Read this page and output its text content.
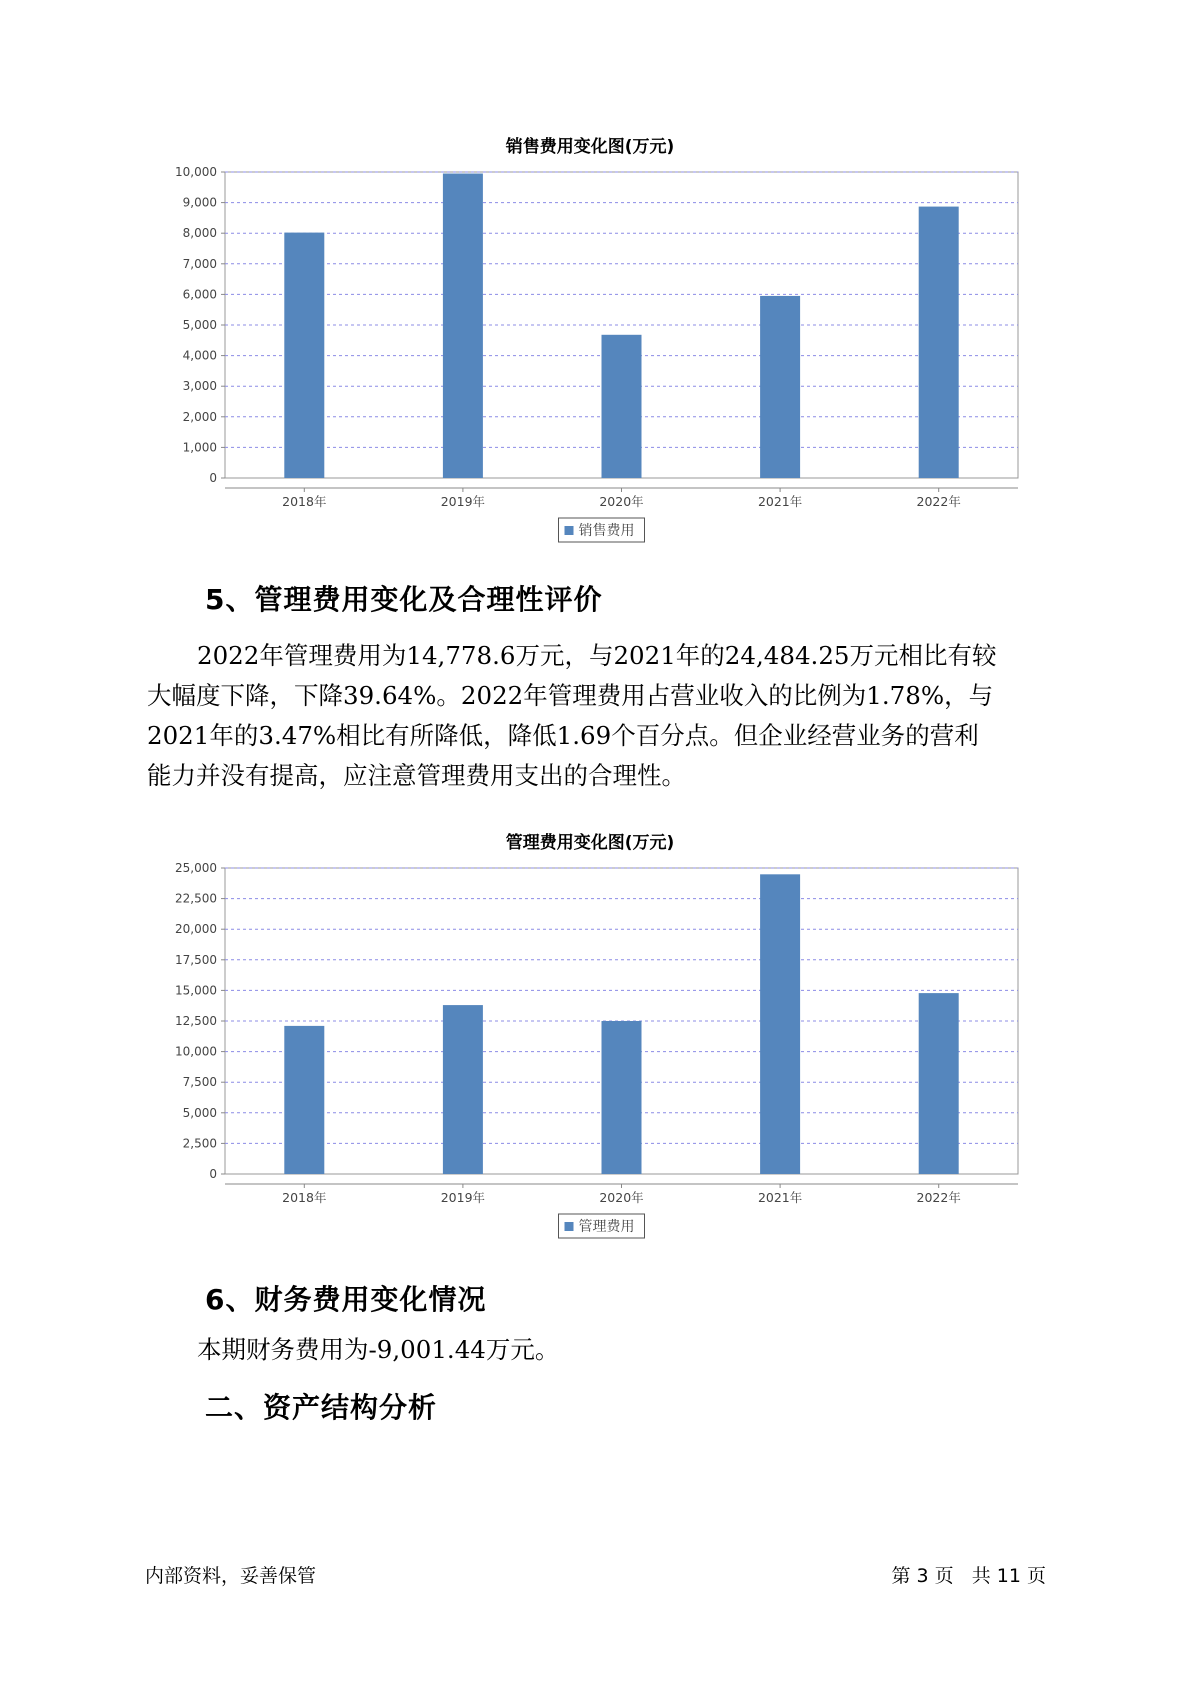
销售费用变化图(万元)
0
1,000
2,000
3,000
4,000
5,000
6,000
7,000
8,000
9,000
10,000
2018年	2019年	2020年	2021年	2022年
销售费用
5、管理费用变化及合理性评价
2022年管理费用为14,778.6万元，与2021年的24,484.25万元相比有较
大幅度下降，下降39.64%。2022年管理费用占营业收入的比例为1.78%，与
2021年的3.47%相比有所降低，降低1.69个百分点。但企业经营业务的营利
能力并没有提高，应注意管理费用支出的合理性。
管理费用变化图(万元)
0
2,500
5,000
7,500
10,000
12,500
15,000
17,500
20,000
22,500
25,000
2018年	2019年	2020年	2021年	2022年
管理费用
6、财务费用变化情况
本期财务费用为-9,001.44万元。
二、资产结构分析
内部资料，妥善保管	第 3 页   共 11 页
